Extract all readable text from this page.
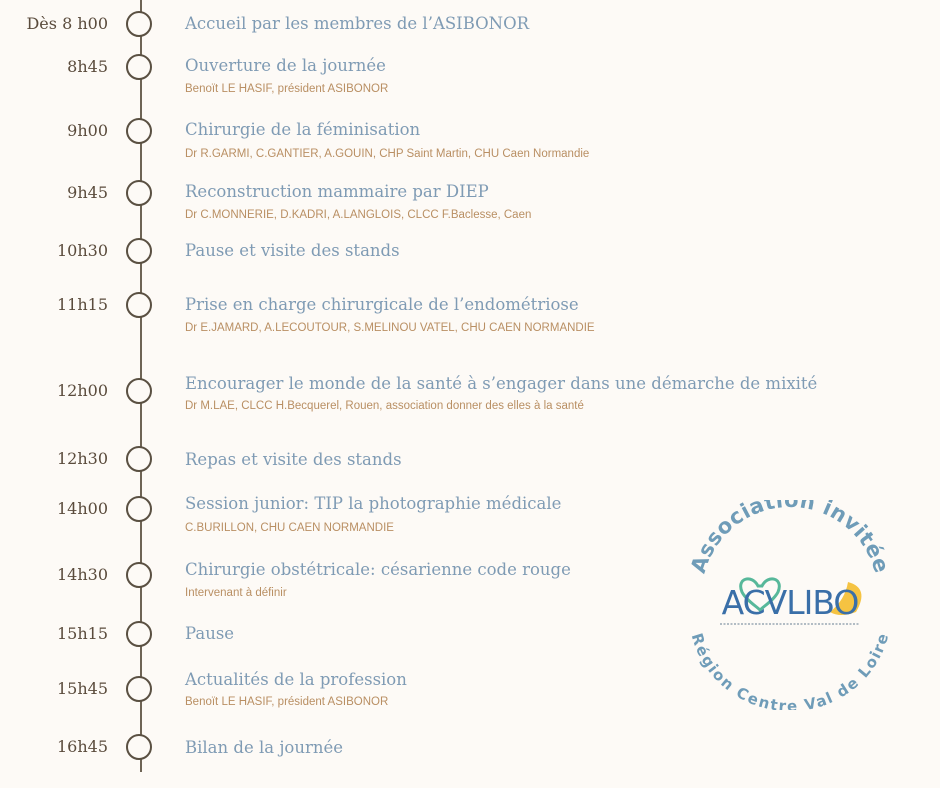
Dès 8 h00	Accueil par les membres de l’ASIBONOR
8h45	Ouverture de la journée
Benoït LE HASIF, président ASIBONOR
9h00	Chirurgie de la féminisation
Dr R.GARMI, C.GANTIER, A.GOUIN, CHP Saint Martin, CHU Caen Normandie
9h45	Reconstruction mammaire par DIEP
Dr C.MONNERIE, D.KADRI, A.LANGLOIS, CLCC F.Baclesse, Caen
10h30	Pause et visite des stands
11h15	Prise en charge chirurgicale de l’endométriose
Dr E.JAMARD, A.LECOUTOUR, S.MELINOU VATEL, CHU CAEN NORMANDIE
12h00	Encourager le monde de la santé à s’engager dans une démarche de mixité
Dr M.LAE, CLCC H.Becquerel, Rouen, association donner des elles à la santé
12h30	Repas et visite des stands
14h00	Session junior: TIP la photographie médicale
C.BURILLON, CHU CAEN NORMANDIE
14h30	Chirurgie obstétricale: césarienne code rouge
Intervenant à définir
15h15	Pause
15h45	Actualités de la profession
Benoït LE HASIF, président ASIBONOR
16h45	Bilan de la journée
Association invitée
Région Centre Val de Loire
ACVLIBO
